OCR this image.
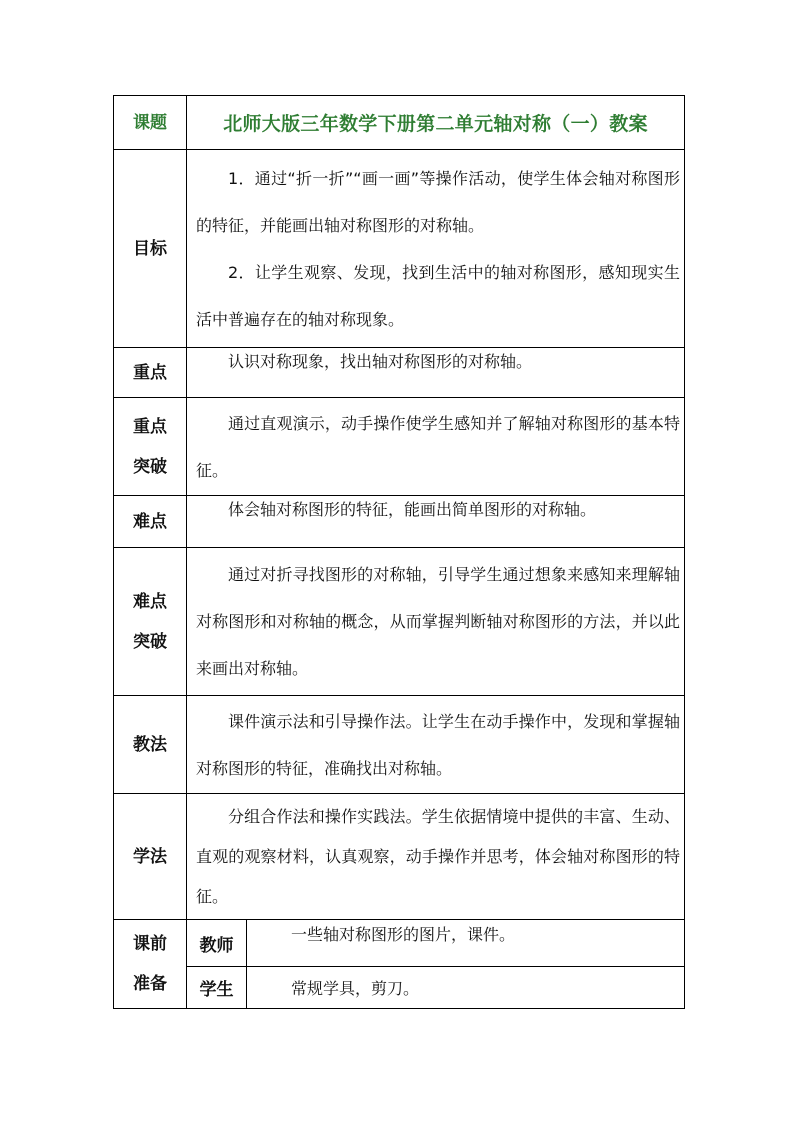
课题	北师大版三年数学下册第二单元轴对称（一）教案	
目标	1．通过“折一折”“画一画”等操作活动，使学生体会轴对称图形的特征，并能画出轴对称图形的对称轴。

2．让学生观察、发现，找到生活中的轴对称图形，感知现实生活中普遍存在的轴对称现象。	

重点	认识对称现象，找出轴对称图形的对称轴。	

重点
突破	通过直观演示，动手操作使学生感知并了解轴对称图形的基本特征。	

难点	体会轴对称图形的特征，能画出简单图形的对称轴。	

难点
突破	通过对折寻找图形的对称轴，引导学生通过想象来感知来理解轴对称图形和对称轴的概念，从而掌握判断轴对称图形的方法，并以此来画出对称轴。	

教法	课件演示法和引导操作法。让学生在动手操作中，发现和掌握轴对称图形的特征，准确找出对称轴。	

学法	分组合作法和操作实践法。学生依据情境中提供的丰富、生动、直观的观察材料，认真观察，动手操作并思考，体会轴对称图形的特征。	

课前
准备	教师	一些轴对称图形的图片，课件。
	学生	常规学具，剪刀。
